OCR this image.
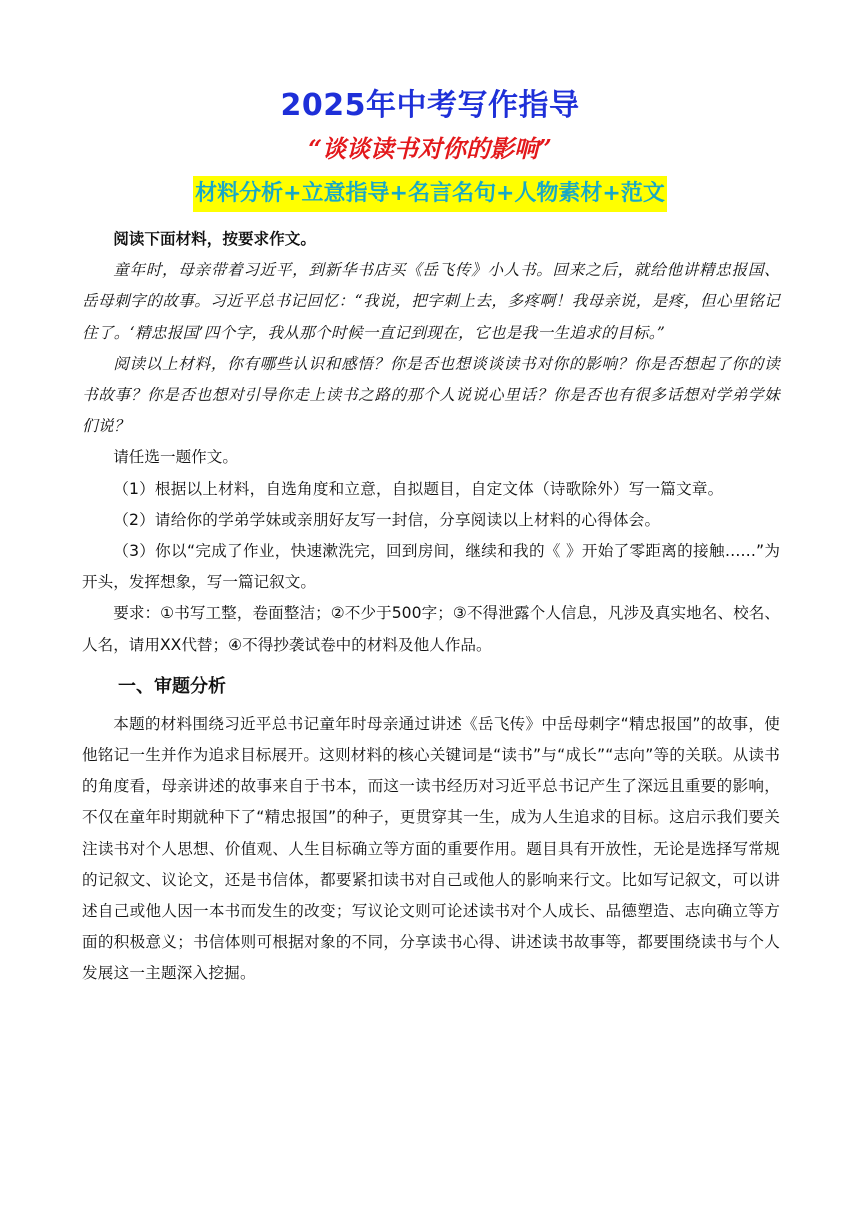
2025年中考写作指导
“谈谈读书对你的影响”
材料分析+立意指导+名言名句+人物素材+范文

阅读下面材料，按要求作文。

童年时，母亲带着习近平，到新华书店买《岳飞传》小人书。回来之后，就给他讲精忠报国、岳母刺字的故事。习近平总书记回忆：“我说，把字刺上去，多疼啊！我母亲说，是疼，但心里铭记住了。‘精忠报国’四个字，我从那个时候一直记到现在，它也是我一生追求的目标。”

阅读以上材料，你有哪些认识和感悟？你是否也想谈谈读书对你的影响？你是否想起了你的读书故事？你是否也想对引导你走上读书之路的那个人说说心里话？你是否也有很多话想对学弟学妹们说？

请任选一题作文。

（1）根据以上材料，自选角度和立意，自拟题目，自定文体（诗歌除外）写一篇文章。

（2）请给你的学弟学妹或亲朋好友写一封信，分享阅读以上材料的心得体会。

（3）你以“完成了作业，快速漱洗完，回到房间，继续和我的《 》开始了零距离的接触……”为开头，发挥想象，写一篇记叙文。

要求：①书写工整，卷面整洁；②不少于500字；③不得泄露个人信息，凡涉及真实地名、校名、人名，请用XX代替；④不得抄袭试卷中的材料及他人作品。

一、审题分析

本题的材料围绕习近平总书记童年时母亲通过讲述《岳飞传》中岳母刺字“精忠报国”的故事，使他铭记一生并作为追求目标展开。这则材料的核心关键词是“读书”与“成长”“志向”等的关联。从读书的角度看，母亲讲述的故事来自于书本，而这一读书经历对习近平总书记产生了深远且重要的影响，不仅在童年时期就种下了“精忠报国”的种子，更贯穿其一生，成为人生追求的目标。这启示我们要关注读书对个人思想、价值观、人生目标确立等方面的重要作用。题目具有开放性，无论是选择写常规的记叙文、议论文，还是书信体，都要紧扣读书对自己或他人的影响来行文。比如写记叙文，可以讲述自己或他人因一本书而发生的改变；写议论文则可论述读书对个人成长、品德塑造、志向确立等方面的积极意义；书信体则可根据对象的不同，分享读书心得、讲述读书故事等，都要围绕读书与个人发展这一主题深入挖掘。
